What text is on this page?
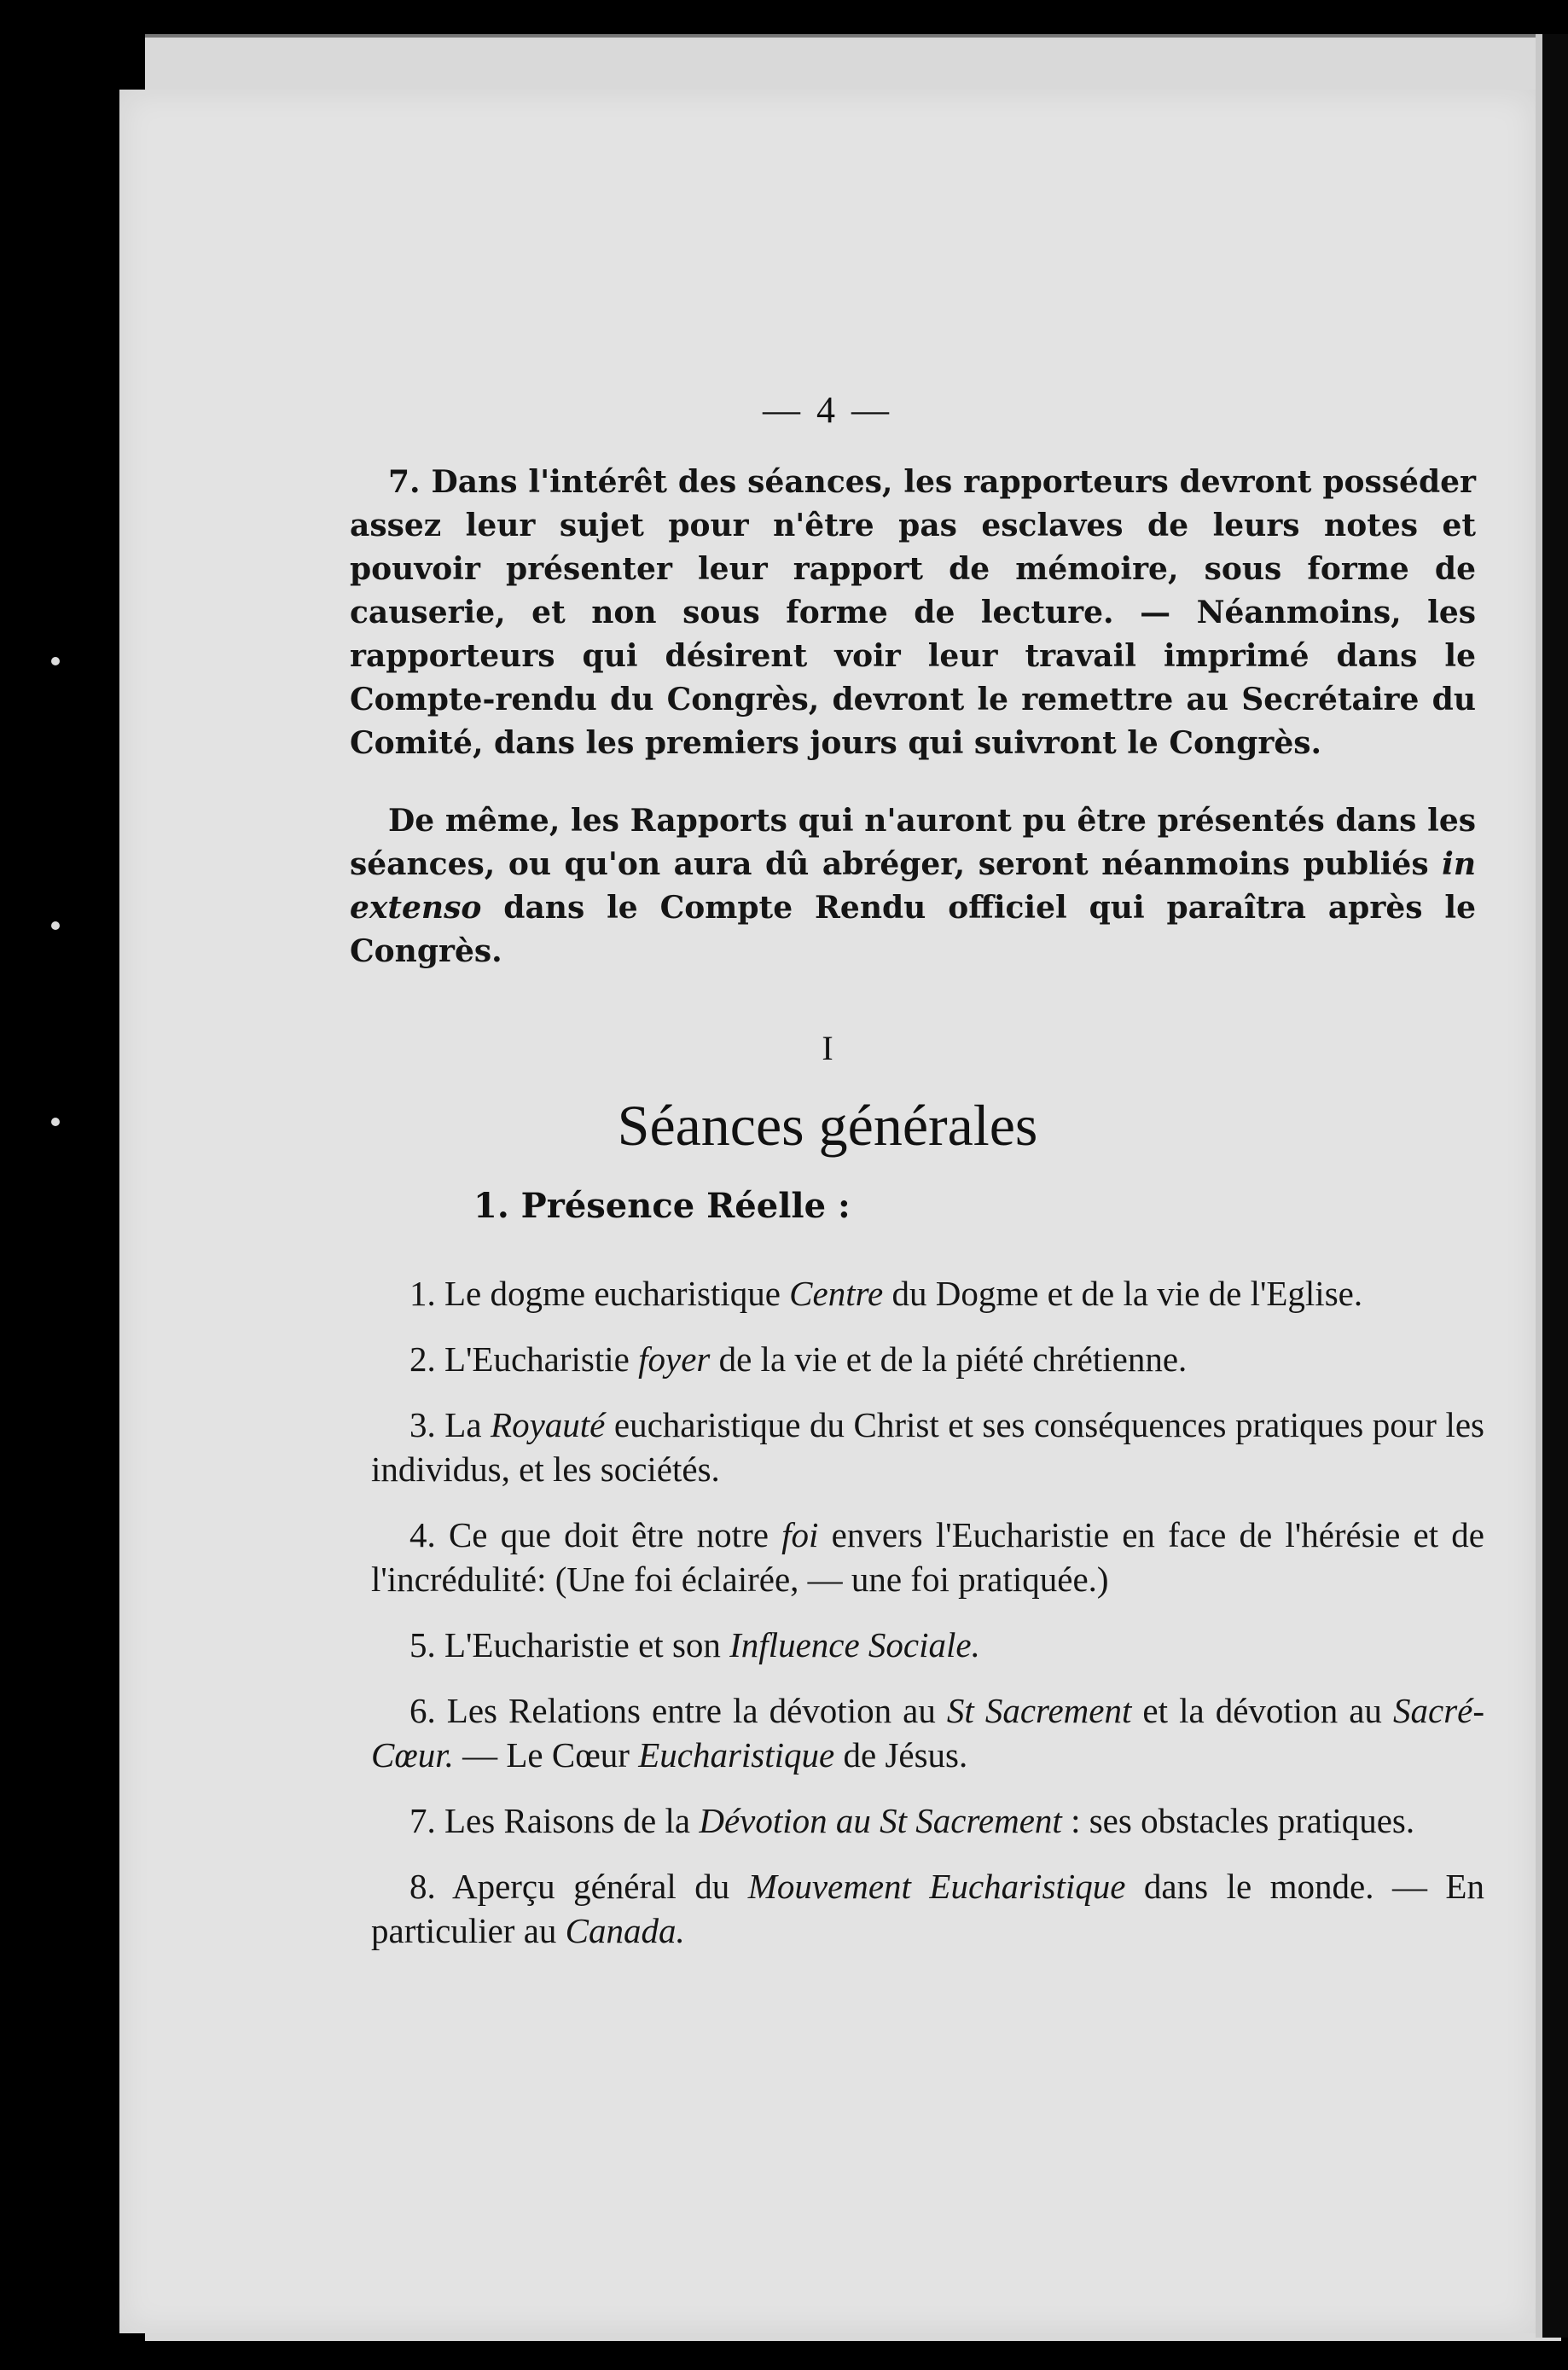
— 4 —

7. Dans l'intérêt des séances, les rapporteurs devront posséder assez leur sujet pour n'être pas esclaves de leurs notes et pouvoir présenter leur rapport de mémoire, sous forme de causerie, et non sous forme de lecture. — Néanmoins, les rapporteurs qui désirent voir leur travail imprimé dans le Compte-rendu du Congrès, devront le remettre au Secrétaire du Comité, dans les premiers jours qui suivront le Congrès.

De même, les Rapports qui n'auront pu être présentés dans les séances, ou qu'on aura dû abréger, seront néanmoins publiés in extenso dans le Compte Rendu officiel qui paraîtra après le Congrès.

I
Séances générales
1. Présence Réelle :

1. Le dogme eucharistique Centre du Dogme et de la vie de l'Eglise.

2. L'Eucharistie foyer de la vie et de la piété chrétienne.

3. La Royauté eucharistique du Christ et ses conséquences pratiques pour les individus, et les sociétés.

4. Ce que doit être notre foi envers l'Eucharistie en face de l'hérésie et de l'incrédulité: (Une foi éclairée, — une foi pratiquée.)

5. L'Eucharistie et son Influence Sociale.

6. Les Relations entre la dévotion au St Sacrement et la dévotion au Sacré-Cœur. — Le Cœur Eucharistique de Jésus.

7. Les Raisons de la Dévotion au St Sacrement : ses obstacles pratiques.

8. Aperçu général du Mouvement Eucharistique dans le monde. — En particulier au Canada.
